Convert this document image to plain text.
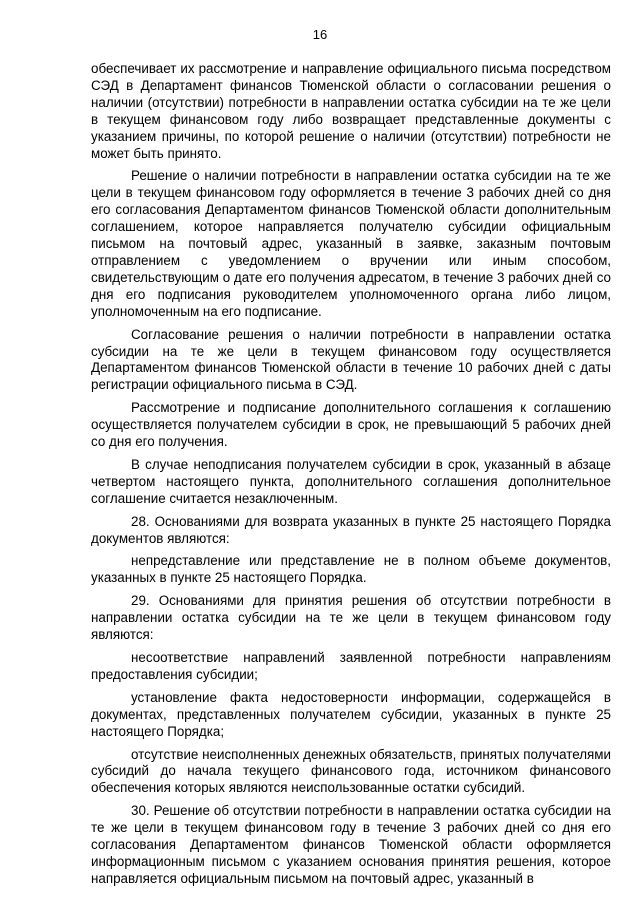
16

обеспечивает их рассмотрение и направление официального письма посредством СЭД в Департамент финансов Тюменской области о согласовании решения о наличии (отсутствии) потребности в направлении остатка субсидии на те же цели в текущем финансовом году либо возвращает представленные документы с указанием причины, по которой решение о наличии (отсутствии) потребности не может быть принято.

Решение о наличии потребности в направлении остатка субсидии на те же цели в текущем финансовом году оформляется в течение 3 рабочих дней со дня его согласования Департаментом финансов Тюменской области дополнительным соглашением, которое направляется получателю субсидии официальным письмом на почтовый адрес, указанный в заявке, заказным почтовым отправлением с уведомлением о вручении или иным способом, свидетельствующим о дате его получения адресатом, в течение 3 рабочих дней со дня его подписания руководителем уполномоченного органа либо лицом, уполномоченным на его подписание.

Согласование решения о наличии потребности в направлении остатка субсидии на те же цели в текущем финансовом году осуществляется Департаментом финансов Тюменской области в течение 10 рабочих дней с даты регистрации официального письма в СЭД.

Рассмотрение и подписание дополнительного соглашения к соглашению осуществляется получателем субсидии в срок, не превышающий 5 рабочих дней со дня его получения.

В случае неподписания получателем субсидии в срок, указанный в абзаце четвертом настоящего пункта, дополнительного соглашения дополнительное соглашение считается незаключенным.

28. Основаниями для возврата указанных в пункте 25 настоящего Порядка документов являются:

непредставление или представление не в полном объеме документов, указанных в пункте 25 настоящего Порядка.

29. Основаниями для принятия решения об отсутствии потребности в направлении остатка субсидии на те же цели в текущем финансовом году являются:

несоответствие направлений заявленной потребности направлениям предоставления субсидии;

установление факта недостоверности информации, содержащейся в документах, представленных получателем субсидии, указанных в пункте 25 настоящего Порядка;

отсутствие неисполненных денежных обязательств, принятых получателями субсидий до начала текущего финансового года, источником финансового обеспечения которых являются неиспользованные остатки субсидий.

30. Решение об отсутствии потребности в направлении остатка субсидии на те же цели в текущем финансовом году в течение 3 рабочих дней со дня его согласования Департаментом финансов Тюменской области оформляется информационным письмом с указанием основания принятия решения, которое направляется официальным письмом на почтовый адрес, указанный в
